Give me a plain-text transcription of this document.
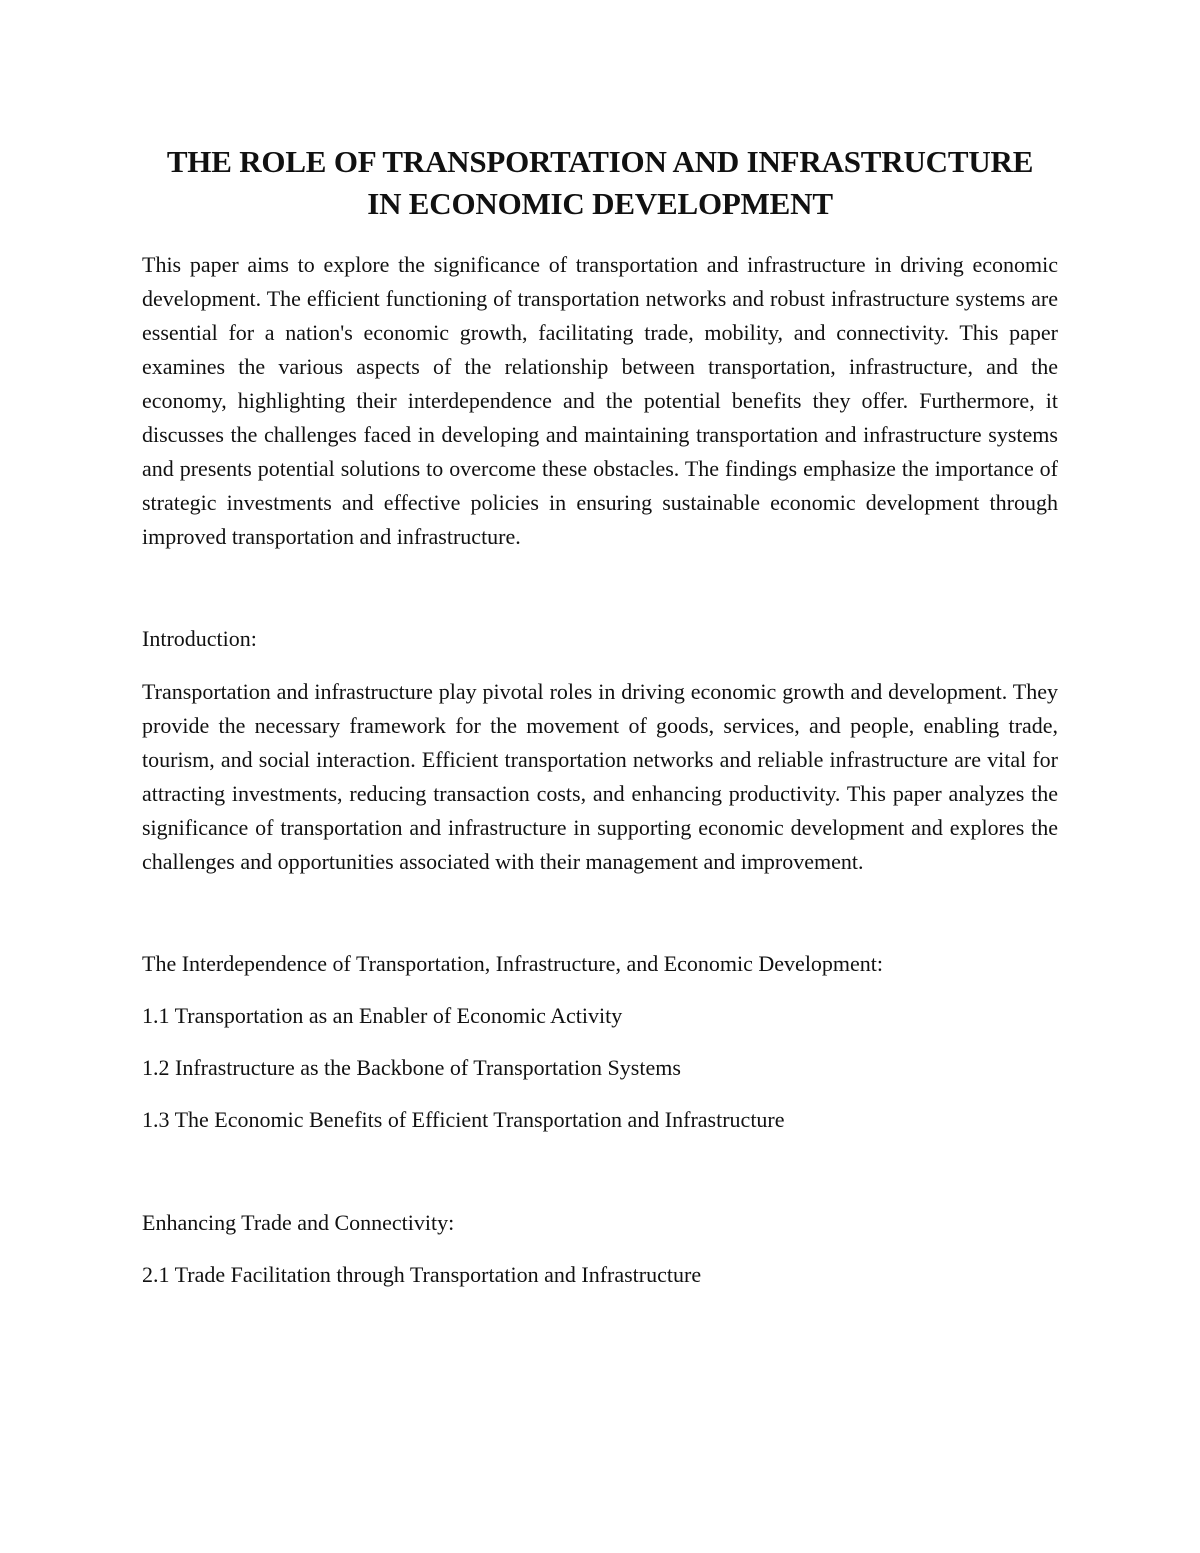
THE ROLE OF TRANSPORTATION AND INFRASTRUCTURE
IN ECONOMIC DEVELOPMENT

This paper aims to explore the significance of transportation and infrastructure in driving economic development. The efficient functioning of transportation networks and robust infrastructure systems are essential for a nation's economic growth, facilitating trade, mobility, and connectivity. This paper examines the various aspects of the relationship between transportation, infrastructure, and the economy, highlighting their interdependence and the potential benefits they offer. Furthermore, it discusses the challenges faced in developing and maintaining transportation and infrastructure systems and presents potential solutions to overcome these obstacles. The findings emphasize the importance of strategic investments and effective policies in ensuring sustainable economic development through improved transportation and infrastructure.

Introduction:

Transportation and infrastructure play pivotal roles in driving economic growth and development. They provide the necessary framework for the movement of goods, services, and people, enabling trade, tourism, and social interaction. Efficient transportation networks and reliable infrastructure are vital for attracting investments, reducing transaction costs, and enhancing productivity. This paper analyzes the significance of transportation and infrastructure in supporting economic development and explores the challenges and opportunities associated with their management and improvement.

The Interdependence of Transportation, Infrastructure, and Economic Development:

1.1 Transportation as an Enabler of Economic Activity

1.2 Infrastructure as the Backbone of Transportation Systems

1.3 The Economic Benefits of Efficient Transportation and Infrastructure

Enhancing Trade and Connectivity:

2.1 Trade Facilitation through Transportation and Infrastructure
